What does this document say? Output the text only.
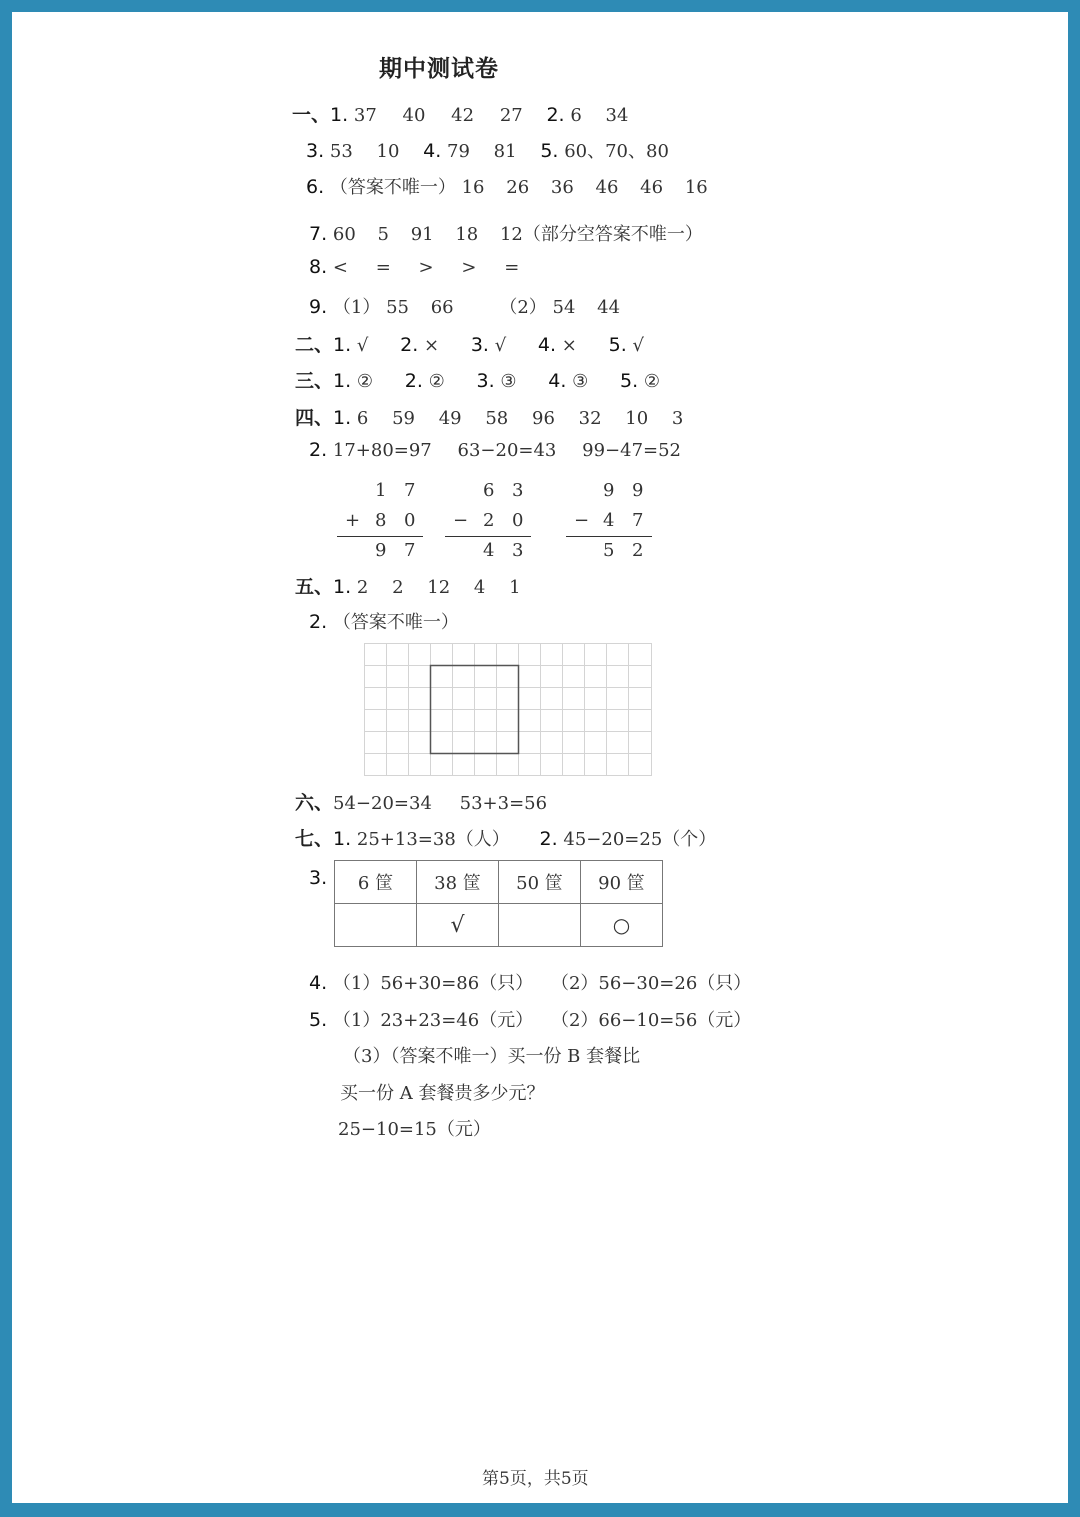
期中测试卷
一、1. 37 40 42 27 2. 6 34
3. 53 10 4. 79 81 5. 60、70、80
6. （答案不唯一） 16 26 36 46 46 16
7. 60 5 91 18 12（部分空答案不唯一）
8. < = > > =
9. （1） 55 66	（2） 54 44
二、1. √ 2. × 3. √ 4. × 5. √
三、1. ② 2. ② 3. ③ 4. ③ 5. ②
四、1. 6 59 49 58 96 32 10 3
2. 17+80=97 63−20=43 99−47=52
1 7
+ 8 0
9 7
6 3
− 2 0
4 3
9 9
− 4 7
5 2
五、1. 2 2 12 4 1
2. （答案不唯一）
六、54−20=34 53+3=56
七、1. 25+13=38（人） 2. 45−20=25（个）
3. 6 筐	38 筐	50 筐	90 筐
	√		○
4. （1）56+30=86（只） （2）56−30=26（只）
5. （1）23+23=46（元） （2）66−10=56（元）
（3）（答案不唯一）买一份 B 套餐比
买一份 A 套餐贵多少元？
25−10=15（元）
第5页，共5页
